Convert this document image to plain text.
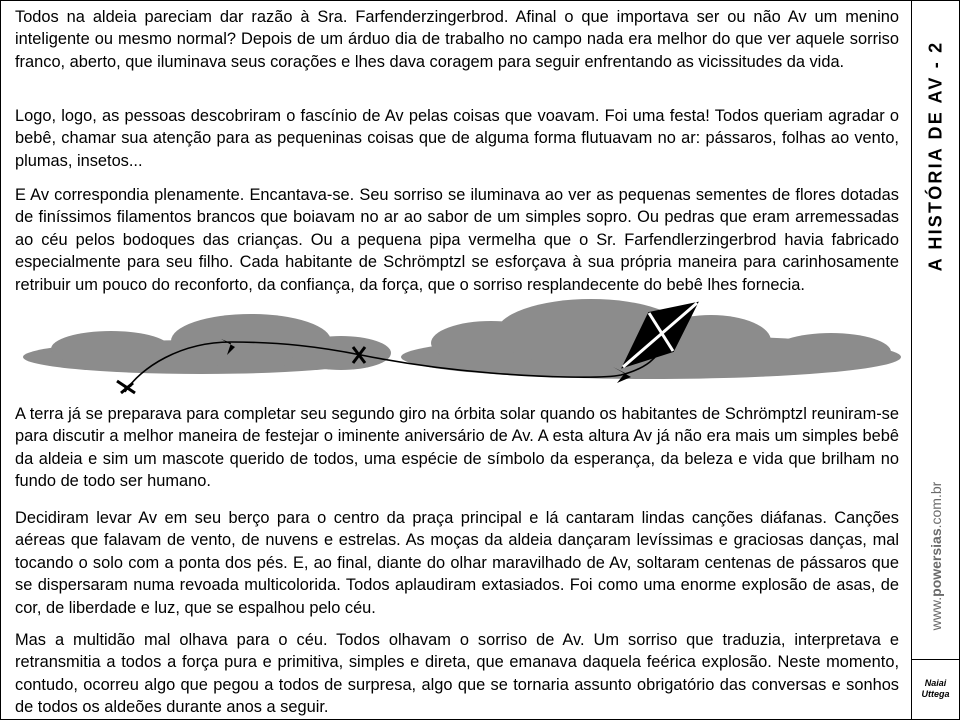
Todos na aldeia pareciam dar razão à Sra. Farfenderzingerbrod. Afinal o que importava ser ou não Av um menino inteligente ou mesmo normal? Depois de um árduo dia de trabalho no campo nada era melhor do que ver aquele sorriso franco, aberto, que iluminava seus corações e lhes dava coragem para seguir enfrentando as vicissitudes da vida.

Logo, logo, as pessoas descobriram o fascínio de Av pelas coisas que voavam. Foi uma festa! Todos queriam agradar o bebê, chamar sua atenção para as pequeninas coisas que de alguma forma flutuavam no ar: pássaros, folhas ao vento, plumas, insetos...

E Av correspondia plenamente. Encantava-se. Seu sorriso se iluminava ao ver as pequenas sementes de flores dotadas de finíssimos filamentos brancos que boiavam no ar ao sabor de um simples sopro. Ou pedras que eram arremessadas ao céu pelos bodoques das crianças. Ou a pequena pipa vermelha que o Sr. Farfendlerzingerbrod havia fabricado especialmente para seu filho. Cada habitante de Schrömptzl se esforçava à sua própria maneira para carinhosamente retribuir um pouco do reconforto, da confiança, da força, que o sorriso resplandecente do bebê lhes fornecia.

A terra já se preparava para completar seu segundo giro na órbita solar quando os habitantes de Schrömptzl reuniram-se para discutir a melhor maneira de festejar o iminente aniversário de Av. A esta altura Av já não era mais um simples bebê da aldeia e sim um mascote querido de todos, uma espécie de símbolo da esperança, da beleza e vida que brilham no fundo de todo ser humano.

Decidiram levar Av em seu berço para o centro da praça principal e lá cantaram lindas canções diáfanas. Canções aéreas que falavam de vento, de nuvens e estrelas. As moças da aldeia dançaram levíssimas e graciosas danças, mal tocando o solo com a ponta dos pés. E, ao final, diante do olhar maravilhado de Av, soltaram centenas de pássaros que se dispersaram numa revoada multicolorida. Todos aplaudiram extasiados. Foi como uma enorme explosão de asas, de cor, de liberdade e luz, que se espalhou pelo céu.

Mas a multidão mal olhava para o céu. Todos olhavam o sorriso de Av. Um sorriso que traduzia, interpretava e retransmitia a todos a força pura e primitiva, simples e direta, que emanava daquela feérica explosão. Neste momento, contudo, ocorreu algo que pegou a todos de surpresa, algo que se tornaria assunto obrigatório das conversas e sonhos de todos os aldeões durante anos a seguir.

A HISTÓRIA DE AV - 2
www.powersias.com.br
Naiai
Uttega
